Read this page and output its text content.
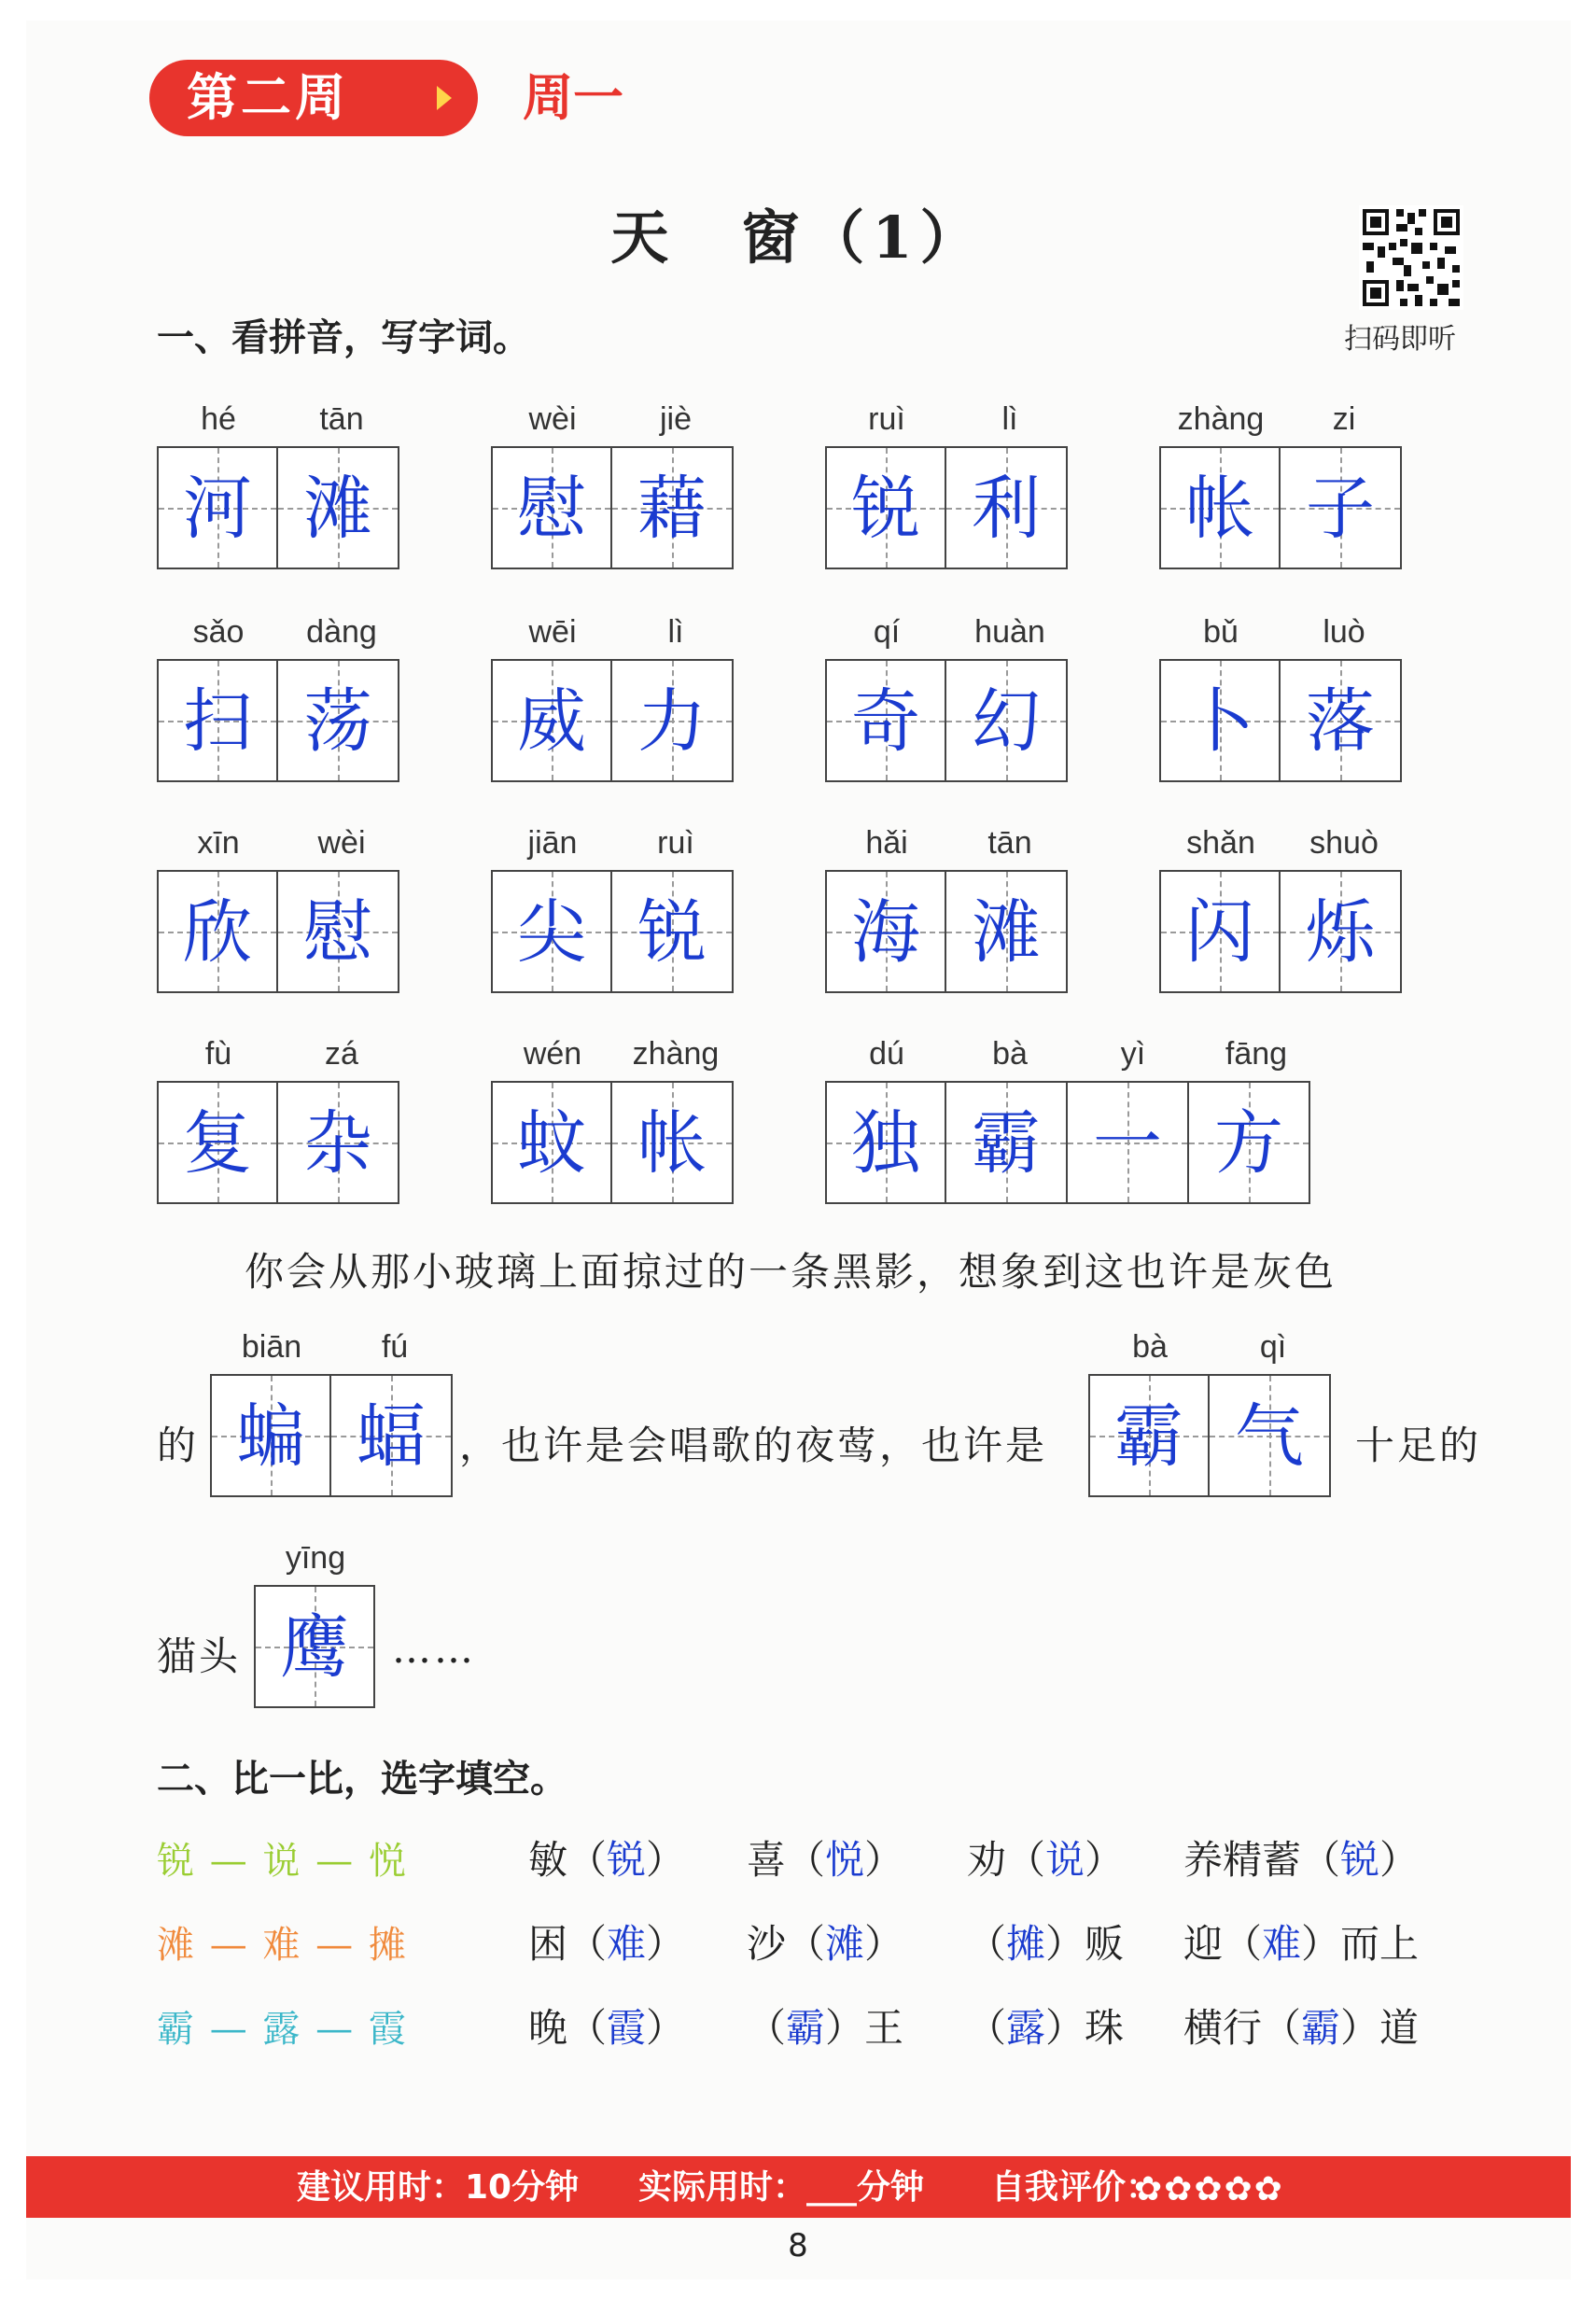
第二周	周一
天　窗（1）
扫码即听
一、看拼音，写字词。
hé	tān
河 滩
wèi	jiè
慰 藉
ruì	lì
锐 利
zhàng	zi
帐 子
sǎo	dàng
扫 荡
wēi	lì
威 力
qí	huàn
奇 幻
bǔ	luò
卜 落
xīn	wèi
欣 慰
jiān	ruì
尖 锐
hǎi	tān
海 滩
shǎn	shuò
闪 烁
fù	zá
复 杂
wén	zhàng
蚊 帐
dú	bà	yì	fāng
独 霸 一 方
你会从那小玻璃上面掠过的一条黑影，想象到这也许是灰色
的
biān	fú
蝙 蝠 ，也许是会唱歌的夜莺，也许是
bà	qì
霸 气	十足的
猫头
yīng
鹰	……
二、比一比，选字填空。
锐 — 说 — 悦	敏（锐） 喜（悦） 劝（说） 养精蓄（锐）
滩 — 难 — 摊	困（难） 沙（滩） （摊）贩 迎（难）而上
霸 — 露 — 霞	晚（霞） （霸）王 （露）珠 横行（霸）道
建议用时：10分钟 实际用时：___分钟 自我评价：
✿✿✿✿✿
8
